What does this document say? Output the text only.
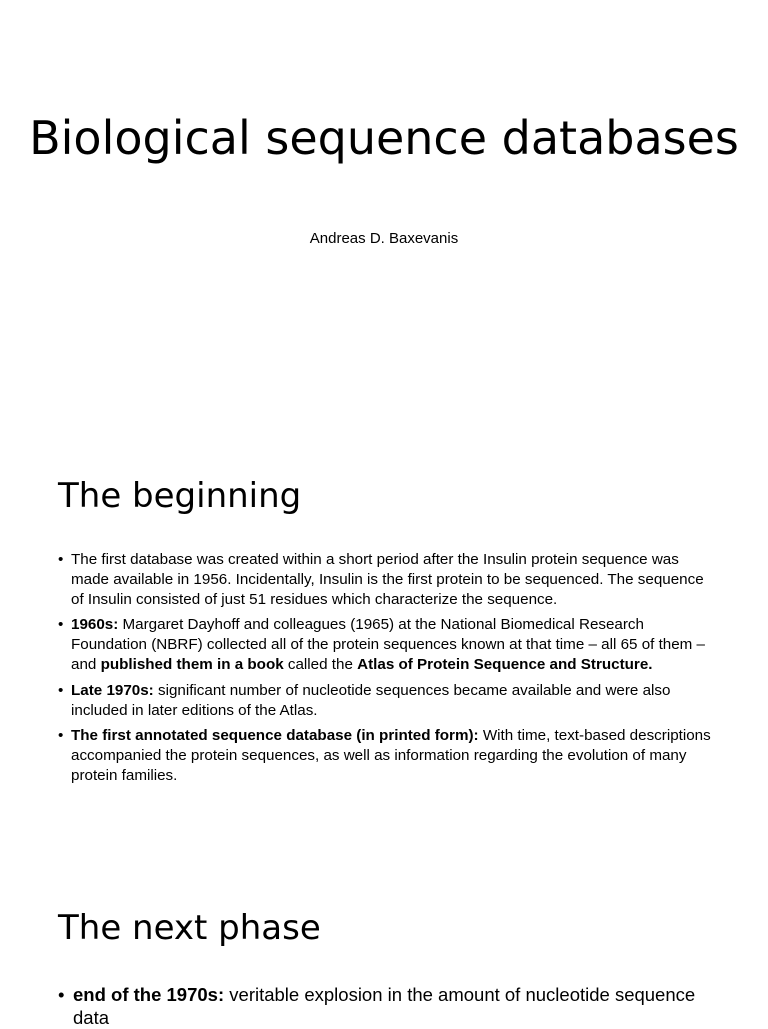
Biological sequence databases

Andreas D. Baxevanis

The beginning
• The first database was created within a short period after the Insulin protein sequence was made available in 1956. Incidentally, Insulin is the first protein to be sequenced. The sequence of Insulin consisted of just 51 residues which characterize the sequence.
• 1960s: Margaret Dayhoff and colleagues (1965) at the National Biomedical Research Foundation (NBRF) collected all of the protein sequences known at that time – all 65 of them – and published them in a book called the Atlas of Protein Sequence and Structure.
• Late 1970s: significant number of nucleotide sequences became available and were also included in later editions of the Atlas.
• The first annotated sequence database (in printed form): With time, text-based descriptions accompanied the protein sequences, as well as information regarding the evolution of many protein families.
The next phase
• end of the 1970s: veritable explosion in the amount of nucleotide sequence data
